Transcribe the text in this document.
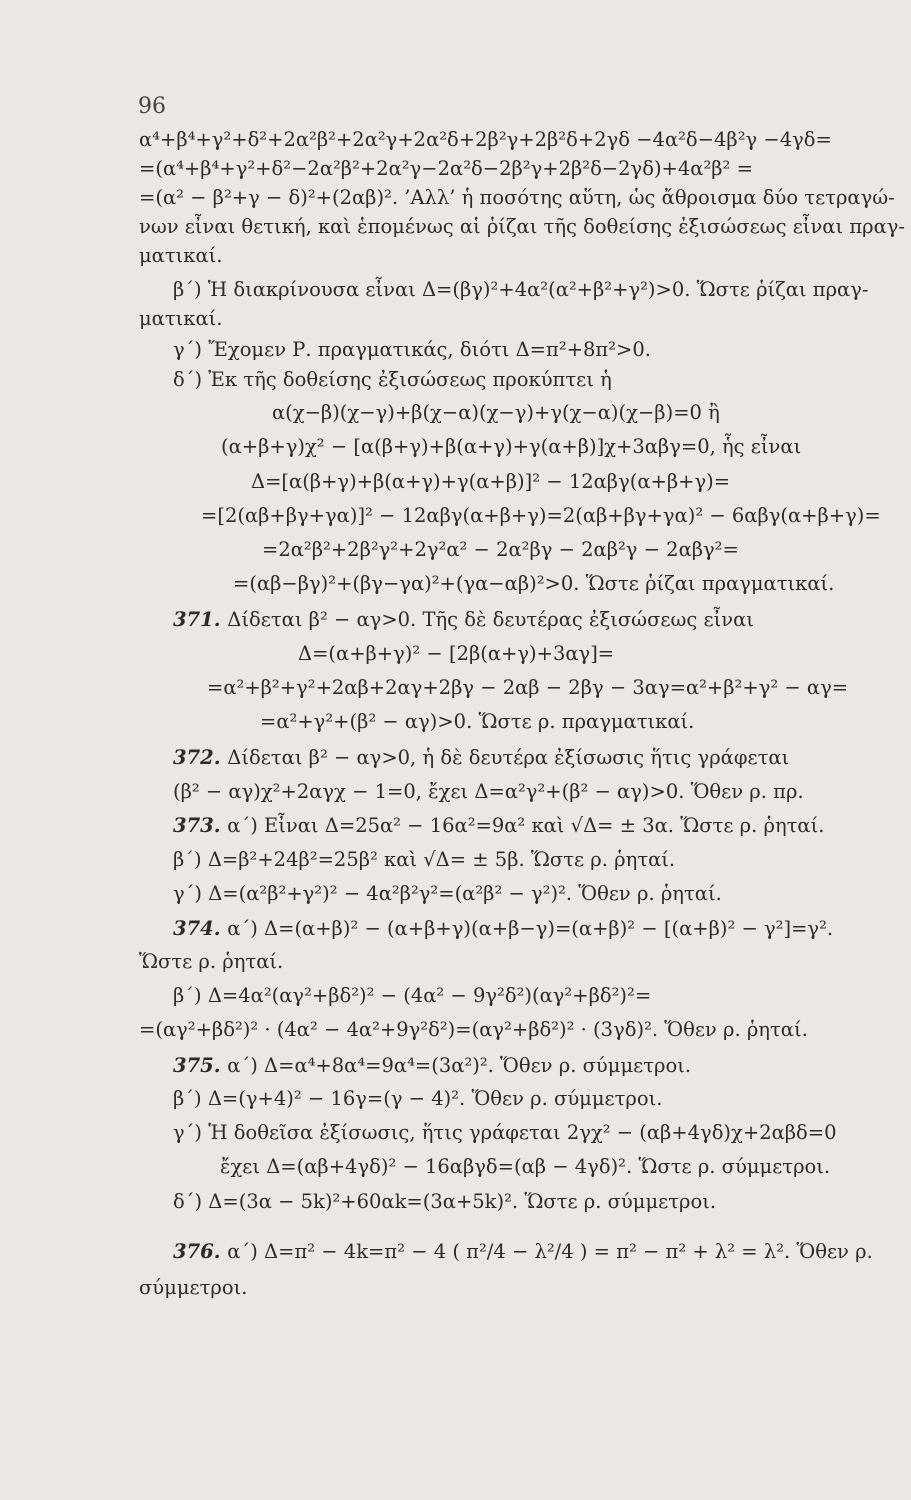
96
α⁴+β⁴+γ²+δ²+2α²β²+2α²γ+2α²δ+2β²γ+2β²δ+2γδ −4α²δ−4β²γ −4γδ=
=(α⁴+β⁴+γ²+δ²−2α²β²+2α²γ−2α²δ−2β²γ+2β²δ−2γδ)+4α²β² =
=(α² − β²+γ − δ)²+(2αβ)². ’Αλλ’ ἡ ποσότης αὕτη, ὡς ἄθροισμα δύο τετραγώ-
νων εἶναι θετική, καὶ ἑπομένως αἱ ῥίζαι τῆς δοθείσης ἐξισώσεως εἶναι πραγ-
ματικαί.
β΄) Ἡ διακρίνουσα εἶναι Δ=(βγ)²+4α²(α²+β²+γ²)>0. Ὥστε ῥίζαι πραγ-
ματικαί.
γ΄) Ἔχομεν Ρ. πραγματικάς, διότι Δ=π²+8π²>0.
δ΄) Ἐκ τῆς δοθείσης ἐξισώσεως προκύπτει ἡ
α(χ−β)(χ−γ)+β(χ−α)(χ−γ)+γ(χ−α)(χ−β)=0 ἢ
(α+β+γ)χ² − [α(β+γ)+β(α+γ)+γ(α+β)]χ+3αβγ=0, ἧς εἶναι
Δ=[α(β+γ)+β(α+γ)+γ(α+β)]² − 12αβγ(α+β+γ)=
=[2(αβ+βγ+γα)]² − 12αβγ(α+β+γ)=2(αβ+βγ+γα)² − 6αβγ(α+β+γ)=
=2α²β²+2β²γ²+2γ²α² − 2α²βγ − 2αβ²γ − 2αβγ²=
=(αβ−βγ)²+(βγ−γα)²+(γα−αβ)²>0. Ὥστε ῥίζαι πραγματικαί.
371. Δίδεται β² − αγ>0. Τῆς δὲ δευτέρας ἐξισώσεως εἶναι
Δ=(α+β+γ)² − [2β(α+γ)+3αγ]=
=α²+β²+γ²+2αβ+2αγ+2βγ − 2αβ − 2βγ − 3αγ=α²+β²+γ² − αγ=
=α²+γ²+(β² − αγ)>0. Ὥστε ρ. πραγματικαί.
372. Δίδεται β² − αγ>0, ἡ δὲ δευτέρα ἐξίσωσις ἥτις γράφεται
(β² − αγ)χ²+2αγχ − 1=0, ἔχει Δ=α²γ²+(β² − αγ)>0. Ὅθεν ρ. πρ.
373. α΄) Εἶναι Δ=25α² − 16α²=9α² καὶ √Δ= ± 3α. Ὥστε ρ. ῥηταί.
β΄) Δ=β²+24β²=25β² καὶ √Δ= ± 5β. Ὥστε ρ. ῥηταί.
γ΄) Δ=(α²β²+γ²)² − 4α²β²γ²=(α²β² − γ²)². Ὅθεν ρ. ῥηταί.
374. α΄) Δ=(α+β)² − (α+β+γ)(α+β−γ)=(α+β)² − [(α+β)² − γ²]=γ².
Ὥστε ρ. ῥηταί.
β΄) Δ=4α²(αγ²+βδ²)² − (4α² − 9γ²δ²)(αγ²+βδ²)²=
=(αγ²+βδ²)² · (4α² − 4α²+9γ²δ²)=(αγ²+βδ²)² · (3γδ)². Ὅθεν ρ. ῥηταί.
375. α΄) Δ=α⁴+8α⁴=9α⁴=(3α²)². Ὅθεν ρ. σύμμετροι.
β΄) Δ=(γ+4)² − 16γ=(γ − 4)². Ὅθεν ρ. σύμμετροι.
γ΄) Ἡ δοθεῖσα ἐξίσωσις, ἥτις γράφεται 2γχ² − (αβ+4γδ)χ+2αβδ=0
ἔχει Δ=(αβ+4γδ)² − 16αβγδ=(αβ − 4γδ)². Ὥστε ρ. σύμμετροι.
δ΄) Δ=(3α − 5k)²+60αk=(3α+5k)². Ὥστε ρ. σύμμετροι.
376. α΄) Δ=π² − 4k=π² − 4 ( π²/4 − λ²/4 ) = π² − π² + λ² = λ². Ὅθεν ρ.
σύμμετροι.
